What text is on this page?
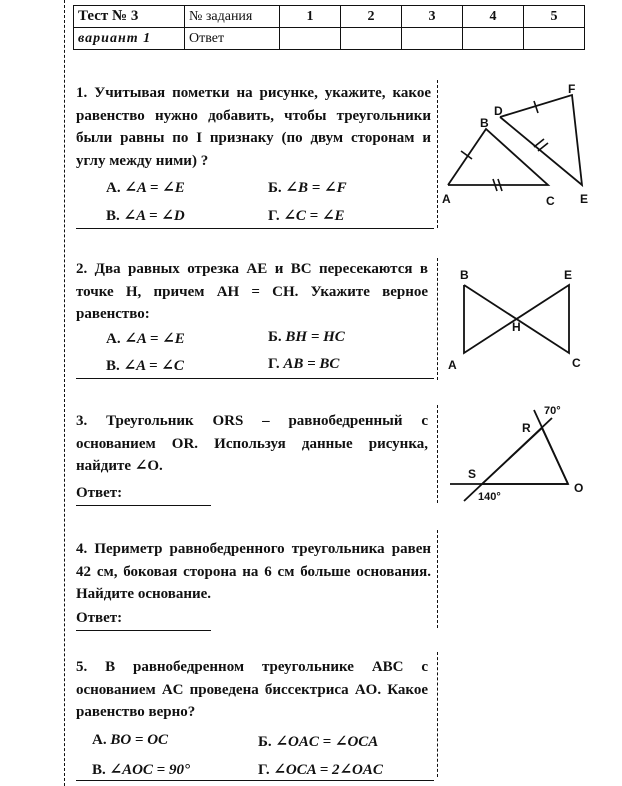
Тест № 3	№ задания	1	2	3	4	5
вариант 1	Ответ					
1. Учитывая пометки на рисунке, укажите, какое равенство нужно добавить, чтобы треугольники были равны по I признаку (по двум сторонам и углу между ними) ?
А. ∠A = ∠E	Б. ∠B = ∠F
В. ∠A = ∠D	Г. ∠C = ∠E
A
B
C
D
E
F
2. Два равных отрезка AE и BC пересекаются в точке H, причем AH = CH. Укажите верное равенство:
А. ∠A = ∠E	Б. BH = HC
В. ∠A = ∠C	Г. AB = BC
B	E
H
A	C
3. Треугольник ORS – равнобедренный с основанием OR. Используя данные рисунка, найдите ∠O.
Ответ:
R
S
O
70°
140°
4. Периметр равнобедренного треугольника равен 42 см, боковая сторона на 6 см больше основания. Найдите основание.
Ответ:
5. В равнобедренном треугольнике ABC с основанием AC проведена биссектриса AO. Какое равенство верно?
А. BO = OC	Б. ∠OAC = ∠OCA
В. ∠AOC = 90°	Г. ∠OCA = 2∠OAC
